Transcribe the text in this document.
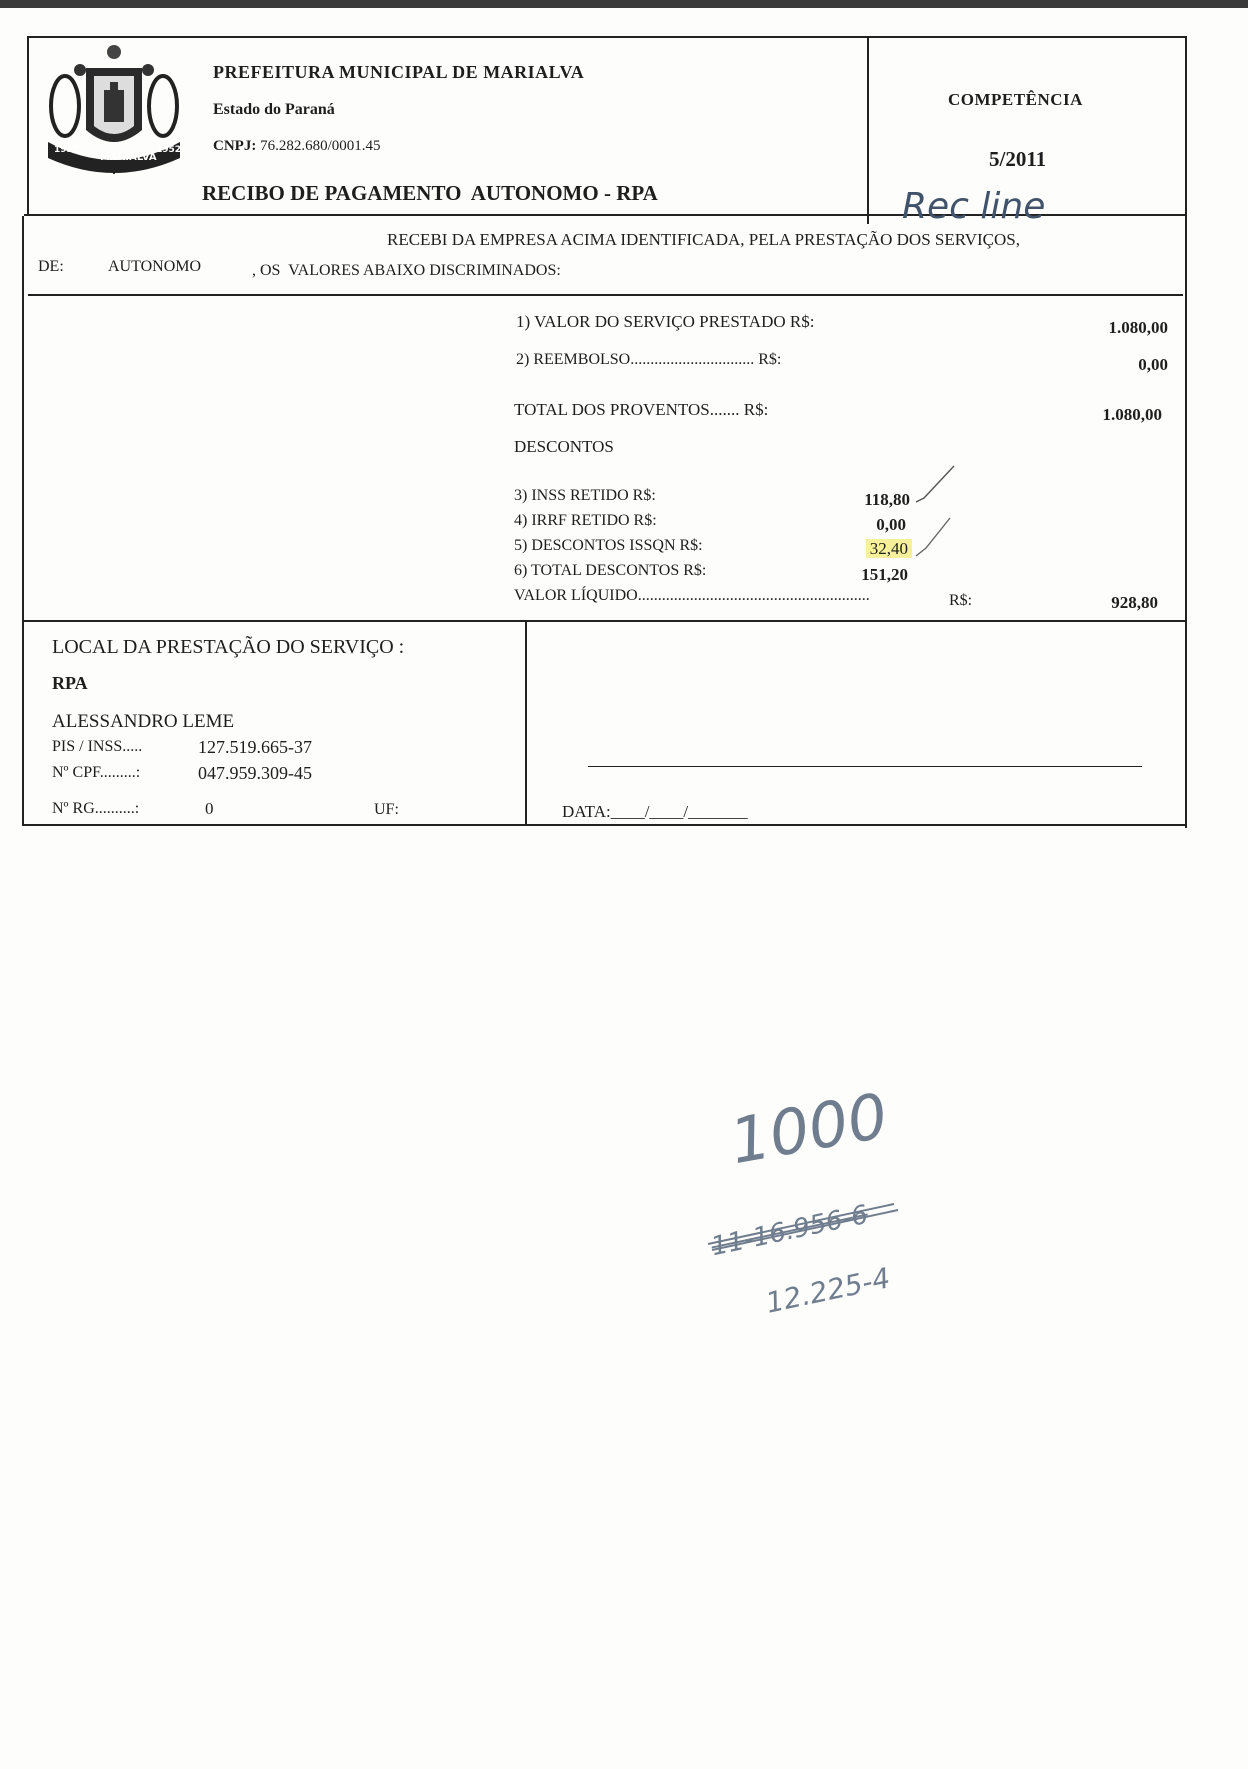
MARIALVA
1951	1952
PREFEITURA MUNICIPAL DE MARIALVA
Estado do Paraná
CNPJ: 76.282.680/0001.45
RECIBO DE PAGAMENTO  AUTONOMO - RPA
COMPETÊNCIA
5/2011
Rec line
RECEBI DA EMPRESA ACIMA IDENTIFICADA, PELA PRESTAÇÃO DOS SERVIÇOS,
DE:	AUTONOMO	, OS  VALORES ABAIXO DISCRIMINADOS:
1) VALOR DO SERVIÇO PRESTADO R$:	1.080,00
2) REEMBOLSO............................... R$:	0,00
TOTAL DOS PROVENTOS....... R$:	1.080,00
DESCONTOS
3) INSS RETIDO R$:	118,80
4) IRRF RETIDO R$:	0,00
5) DESCONTOS ISSQN R$:	32,40
6) TOTAL DESCONTOS R$:	151,20
VALOR LÍQUIDO..........................................................	R$:	928,80
LOCAL DA PRESTAÇÃO DO SERVIÇO :
RPA
ALESSANDRO LEME
PIS / INSS.....	127.519.665-37
Nº CPF.........:	047.959.309-45
Nº RG..........:	0	UF:	DATA:____/____/_______
1000
11-16.956-6
12.225-4
